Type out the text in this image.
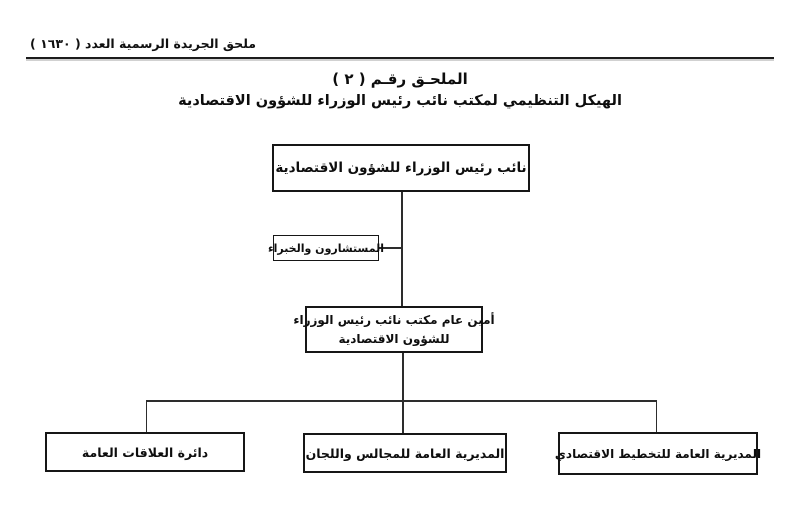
ملحق الجريدة الرسمية العدد ( ١٦٣٠ )
الملحـق رقـم ( ٢ )
الهيكل التنظيمي لمكتب نائب رئيس الوزراء للشؤون الاقتصادية
نائب رئيس الوزراء للشؤون الاقتصادية
المستشارون والخبراء
أمين عام مكتب نائب رئيس الوزراء
للشؤون الاقتصادية
دائرة العلاقات العامة	المديرية العامة للمجالس واللجان	المديرية العامة للتخطيط الاقتصادي
